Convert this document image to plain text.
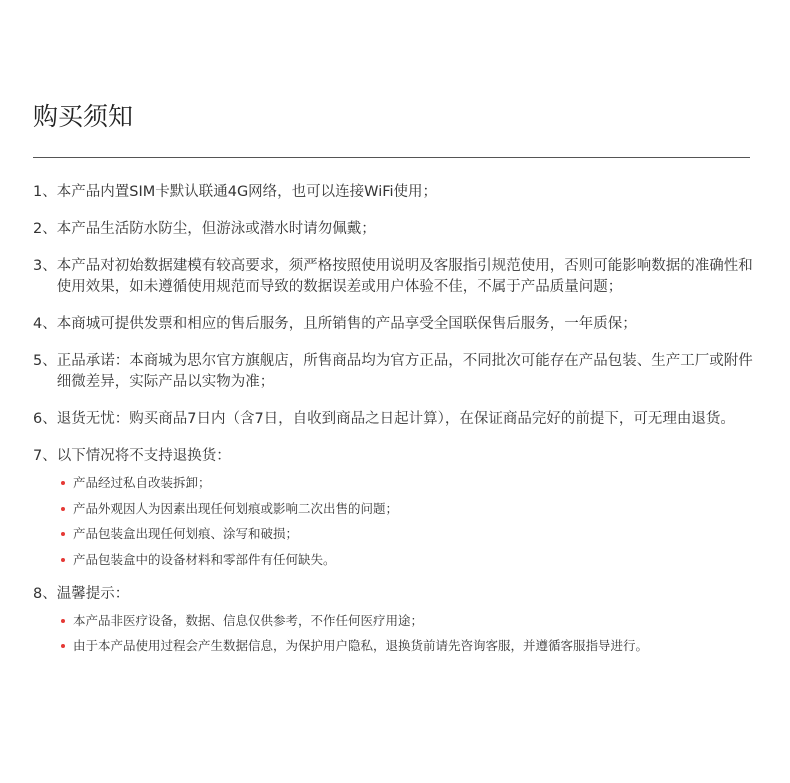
购买须知
1、 本产品内置SIM卡默认联通4G网络，也可以连接WiFi使用；
2、 本产品生活防水防尘，但游泳或潜水时请勿佩戴；
3、 本产品对初始数据建模有较高要求，须严格按照使用说明及客服指引规范使用，否则可能影响数据的准确性和使用效果，如未遵循使用规范而导致的数据误差或用户体验不佳，不属于产品质量问题；
4、 本商城可提供发票和相应的售后服务，且所销售的产品享受全国联保售后服务，一年质保；
5、 正品承诺：本商城为思尔官方旗舰店，所售商品均为官方正品，不同批次可能存在产品包装、生产工厂或附件细微差异，实际产品以实物为准；
6、 退货无忧：购买商品7日内（含7日，自收到商品之日起计算），在保证商品完好的前提下，可无理由退货。
7、 以下情况将不支持退换货：
产品经过私自改装拆卸；
产品外观因人为因素出现任何划痕或影响二次出售的问题；
产品包装盒出现任何划痕、涂写和破损；
产品包装盒中的设备材料和零部件有任何缺失。
8、 温馨提示：
本产品非医疗设备，数据、信息仅供参考，不作任何医疗用途；
由于本产品使用过程会产生数据信息，为保护用户隐私，退换货前请先咨询客服，并遵循客服指导进行。
